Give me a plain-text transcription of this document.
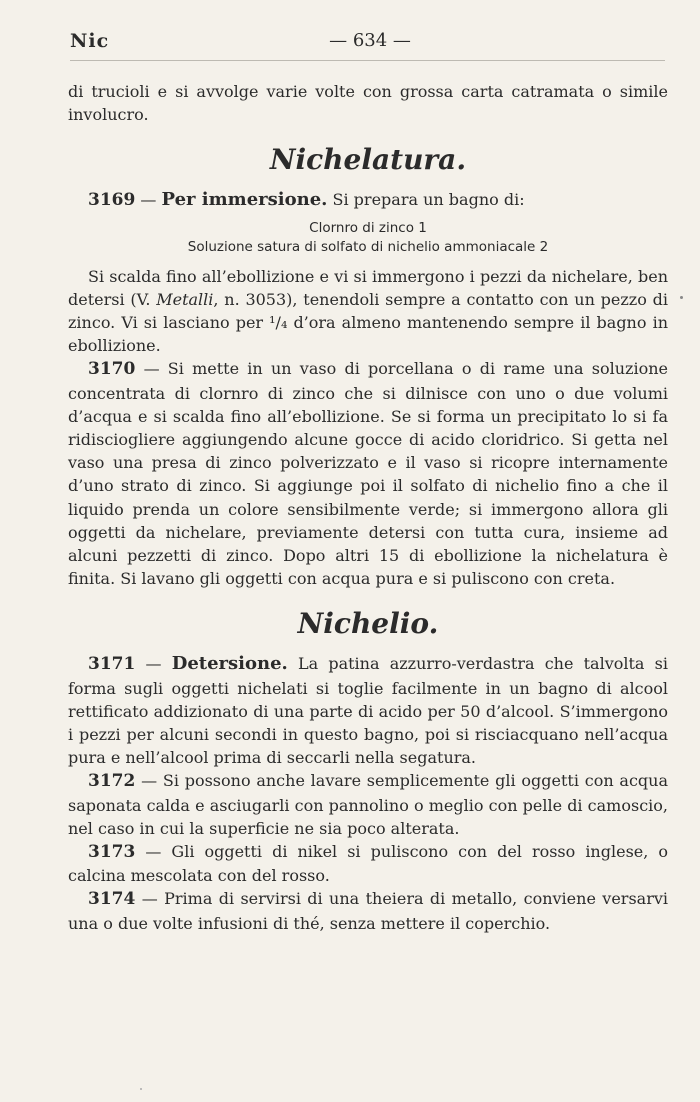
Nic	— 634 —

di trucioli e si avvolge varie volte con grossa carta catramata o simile involucro.

Nichelatura.

3169 — Per immersione. Si prepara un bagno di:

Clornro di zinco 1
Soluzione satura di solfato di nichelio ammoniacale 2

Si scalda fino all’ebollizione e vi si immergono i pezzi da nichelare, ben detersi (V. Metalli, n. 3053), tenendoli sempre a contatto con un pezzo di zinco. Vi si lasciano per ¹/₄ d’ora almeno mantenendo sempre il bagno in ebollizione.

3170 — Si mette in un vaso di porcellana o di rame una soluzione concentrata di clornro di zinco che si dilnisce con uno o due volumi d’acqua e si scalda fino all’ebollizione. Se si forma un precipitato lo si fa ridisciogliere aggiungendo alcune gocce di acido cloridrico. Si getta nel vaso una presa di zinco polverizzato e il vaso si ricopre internamente d’uno strato di zinco. Si aggiunge poi il solfato di nichelio fino a che il liquido prenda un colore sensibilmente verde; si immergono allora gli oggetti da nichelare, previamente detersi con tutta cura, insieme ad alcuni pezzetti di zinco. Dopo altri 15 di ebollizione la nichelatura è finita. Si lavano gli oggetti con acqua pura e si puliscono con creta.

Nichelio.

3171 — Detersione. La patina azzurro-verdastra che talvolta si forma sugli oggetti nichelati si toglie facilmente in un bagno di alcool rettificato addizionato di una parte di acido per 50 d’alcool. S’immergono i pezzi per alcuni secondi in questo bagno, poi si risciacquano nell’acqua pura e nell’alcool prima di seccarli nella segatura.

3172 — Si possono anche lavare semplicemente gli oggetti con acqua saponata calda e asciugarli con pannolino o meglio con pelle di camoscio, nel caso in cui la superficie ne sia poco alterata.

3173 — Gli oggetti di nikel si puliscono con del rosso inglese, o calcina mescolata con del rosso.

3174 — Prima di servirsi di una theiera di metallo, conviene versarvi una o due volte infusioni di thé, senza mettere il coperchio.
